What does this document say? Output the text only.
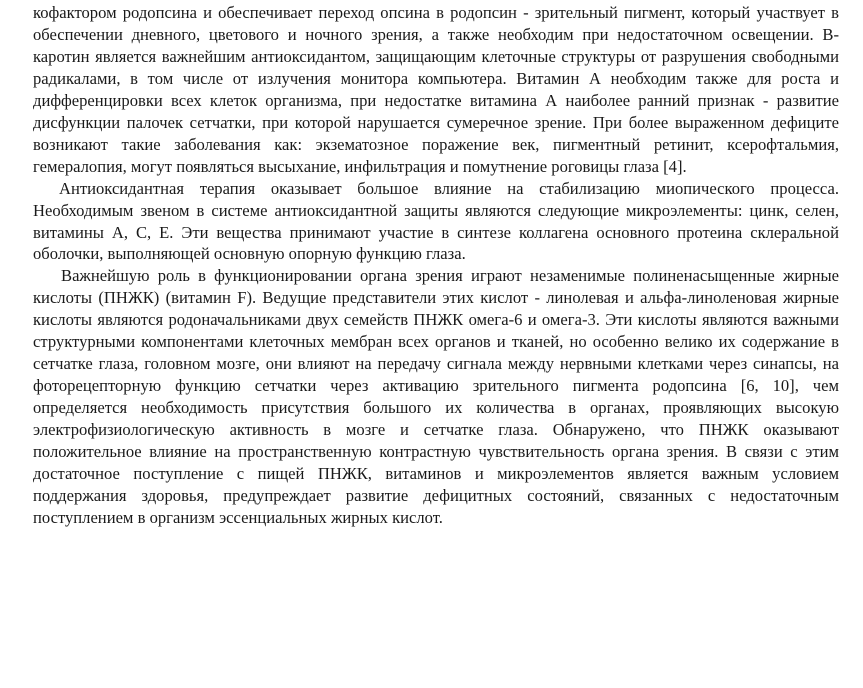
кофактором родопсина и обеспечивает переход опсина в родопсин - зрительный пигмент, который участвует в обеспечении дневного, цветового и ночного зрения, а также необходим при недостаточном освещении. В-каротин является важнейшим антиоксидантом, защищающим клеточные структуры от разрушения свободными радикалами, в том числе от излучения монитора компьютера. Витамин А необходим также для роста и дифференцировки всех клеток организма, при недостатке витамина А наиболее ранний признак - развитие дисфункции палочек сетчатки, при которой нарушается сумеречное зрение. При более выраженном дефиците возникают такие заболевания как: экзематозное поражение век, пигментный ретинит, ксерофтальмия, гемералопия, могут появляться высыхание, инфильтрация и помутнение роговицы глаза [4].

Антиоксидантная терапия оказывает большое влияние на стабилизацию миопического процесса. Необходимым звеном в системе антиоксидантной защиты являются следующие микроэлементы: цинк, селен, витамины А, С, Е. Эти вещества принимают участие в синтезе коллагена основного протеина склеральной оболочки, выполняющей основную опорную функцию глаза.

Важнейшую роль в функционировании органа зрения играют незаменимые полиненасыщенные жирные кислоты (ПНЖК) (витамин F). Ведущие представители этих кислот - линолевая и альфа-линоленовая жирные кислоты являются родоначальниками двух семейств ПНЖК омега-6 и омега-3. Эти кислоты являются важными структурными компонентами клеточных мембран всех органов и тканей, но особенно велико их содержание в сетчатке глаза, головном мозге, они влияют на передачу сигнала между нервными клетками через синапсы, на фоторецепторную функцию сетчатки через активацию зрительного пигмента родопсина [6, 10], чем определяется необходимость присутствия большого их количества в органах, проявляющих высокую электрофизиологическую активность в мозге и сетчатке глаза. Обнаружено, что ПНЖК оказывают положительное влияние на пространственную контрастную чувствительность органа зрения. В связи с этим достаточное поступление с пищей ПНЖК, витаминов и микроэлементов является важным условием поддержания здоровья, предупреждает развитие дефицитных состояний, связанных с недостаточным поступлением в организм эссенциальных жирных кислот.
